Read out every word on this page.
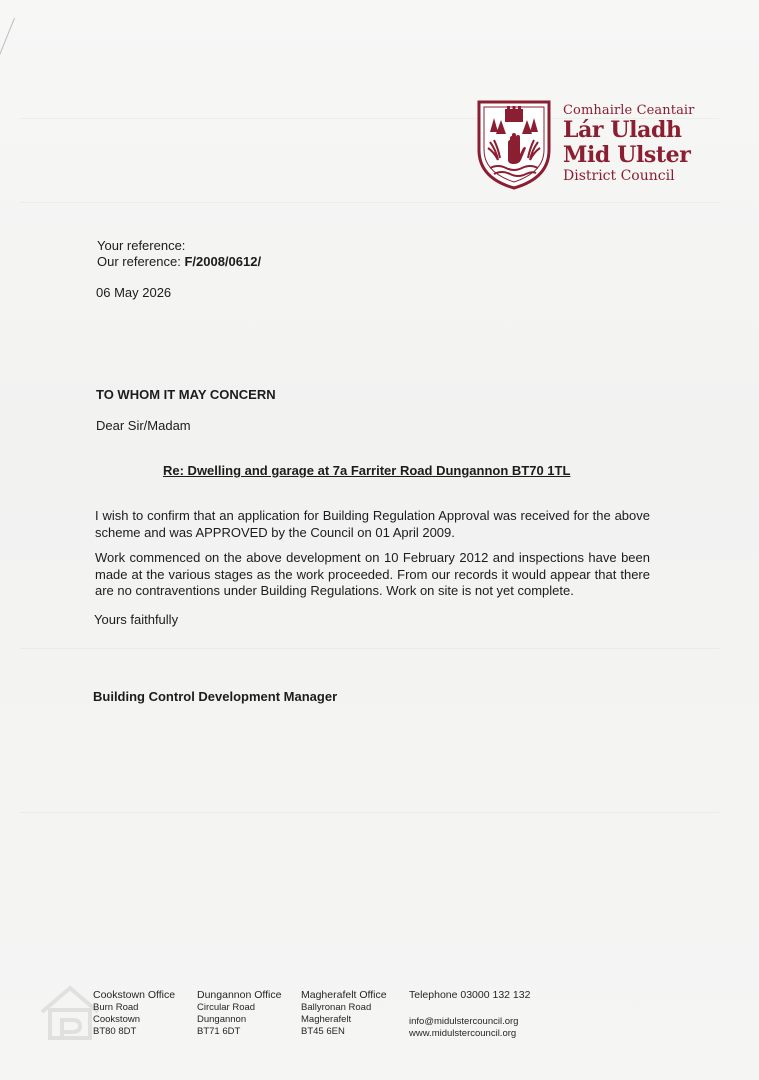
Comhairle Ceantair
Lár Uladh
Mid Ulster
District Council
Your reference:
Our reference: F/2008/0612/
06 May 2026
TO WHOM IT MAY CONCERN
Dear Sir/Madam
Re: Dwelling and garage at 7a Farriter Road Dungannon BT70 1TL
I wish to confirm that an application for Building Regulation Approval was received for the above scheme and was APPROVED by the Council on 01 April 2009.
Work commenced on the above development on 10 February 2012 and inspections have been made at the various stages as the work proceeded. From our records it would appear that there are no contraventions under Building Regulations. Work on site is not yet complete.
Yours faithfully
Building Control Development Manager
Cookstown Office
Burn Road
Cookstown
BT80 8DT
Dungannon Office
Circular Road
Dungannon
BT71 6DT
Magherafelt Office
Ballyronan Road
Magherafelt
BT45 6EN
Telephone 03000 132 132
info@midulstercouncil.org
www.midulstercouncil.org
